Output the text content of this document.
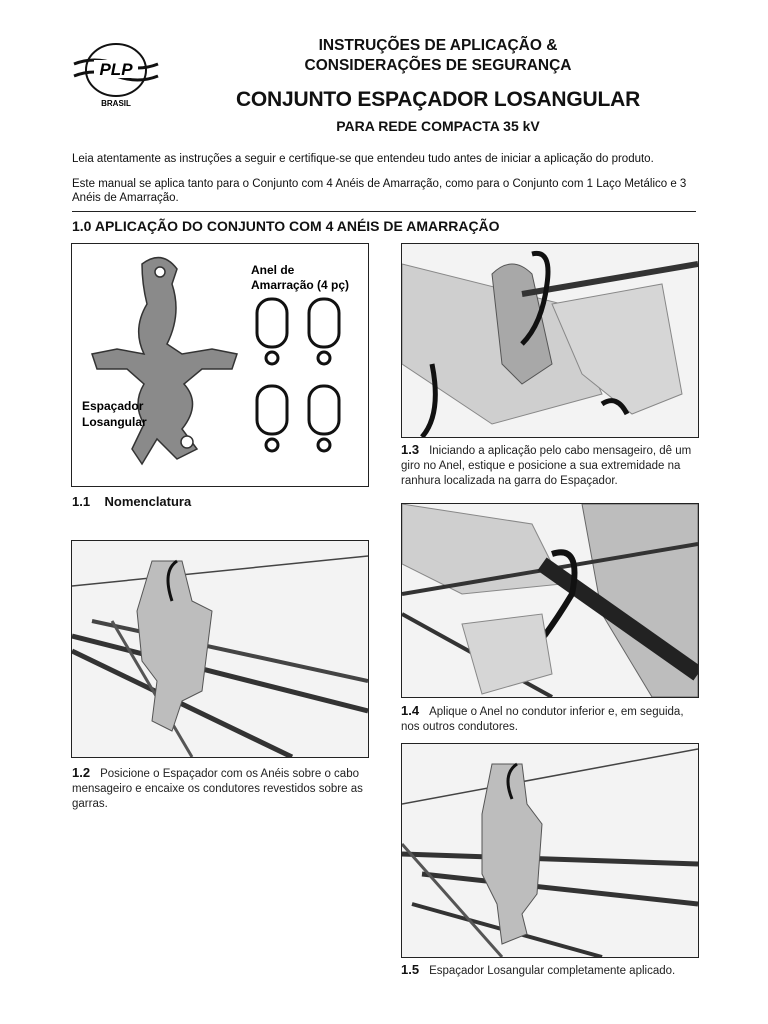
PLP
BRASIL
INSTRUÇÕES DE APLICAÇÃO &
CONSIDERAÇÕES DE SEGURANÇA
CONJUNTO ESPAÇADOR LOSANGULAR
PARA REDE COMPACTA 35 kV
Leia atentamente as instruções a seguir e certifique-se que entendeu tudo antes de iniciar a aplicação do produto.
Este manual se aplica tanto para o Conjunto com 4 Anéis de Amarração, como para o Conjunto com 1 Laço Metálico e 3 Anéis de Amarração.
1.0 APLICAÇÃO DO CONJUNTO COM 4 ANÉIS DE AMARRAÇÃO
Anel de
Amarração (4 pç)
Espaçador
Losangular
1.1 Nomenclatura
1.2 Posicione o Espaçador com os Anéis sobre o cabo mensageiro e encaixe os condutores revestidos sobre as garras.
1.3 Iniciando a aplicação pelo cabo mensageiro, dê um giro no Anel, estique e posicione a sua extremidade na ranhura localizada na garra do Espaçador.
1.4 Aplique o Anel no condutor inferior e, em seguida, nos outros condutores.
1.5 Espaçador Losangular completamente aplicado.
